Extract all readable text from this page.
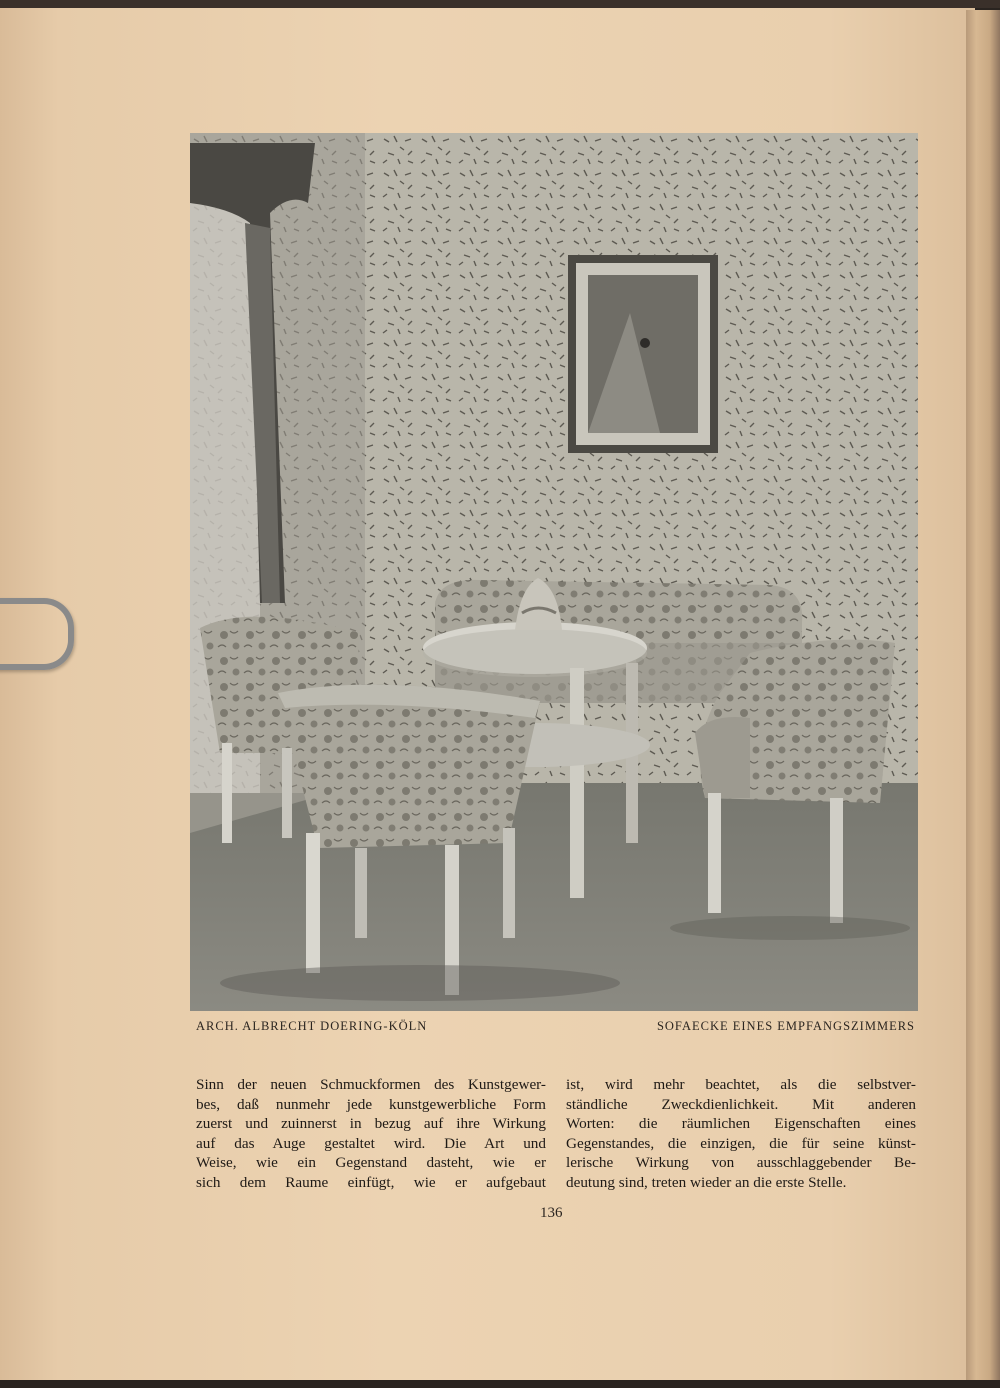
ARCH. ALBRECHT DOERING-KÖLN	SOFAECKE EINES EMPFANGSZIMMERS

Sinn der neuen Schmuckformen des Kunstgewer-

bes, daß nunmehr jede kunstgewerbliche Form

zuerst und zuinnerst in bezug auf ihre Wirkung

auf das Auge gestaltet wird. Die Art und

Weise, wie ein Gegenstand dasteht, wie er

sich dem Raume einfügt, wie er aufgebaut

ist, wird mehr beachtet, als die selbstver-

ständliche Zweckdienlichkeit. Mit anderen

Worten: die räumlichen Eigenschaften eines

Gegenstandes, die einzigen, die für seine künst-

lerische Wirkung von ausschlaggebender Be-

deutung sind, treten wieder an die erste Stelle.

136
